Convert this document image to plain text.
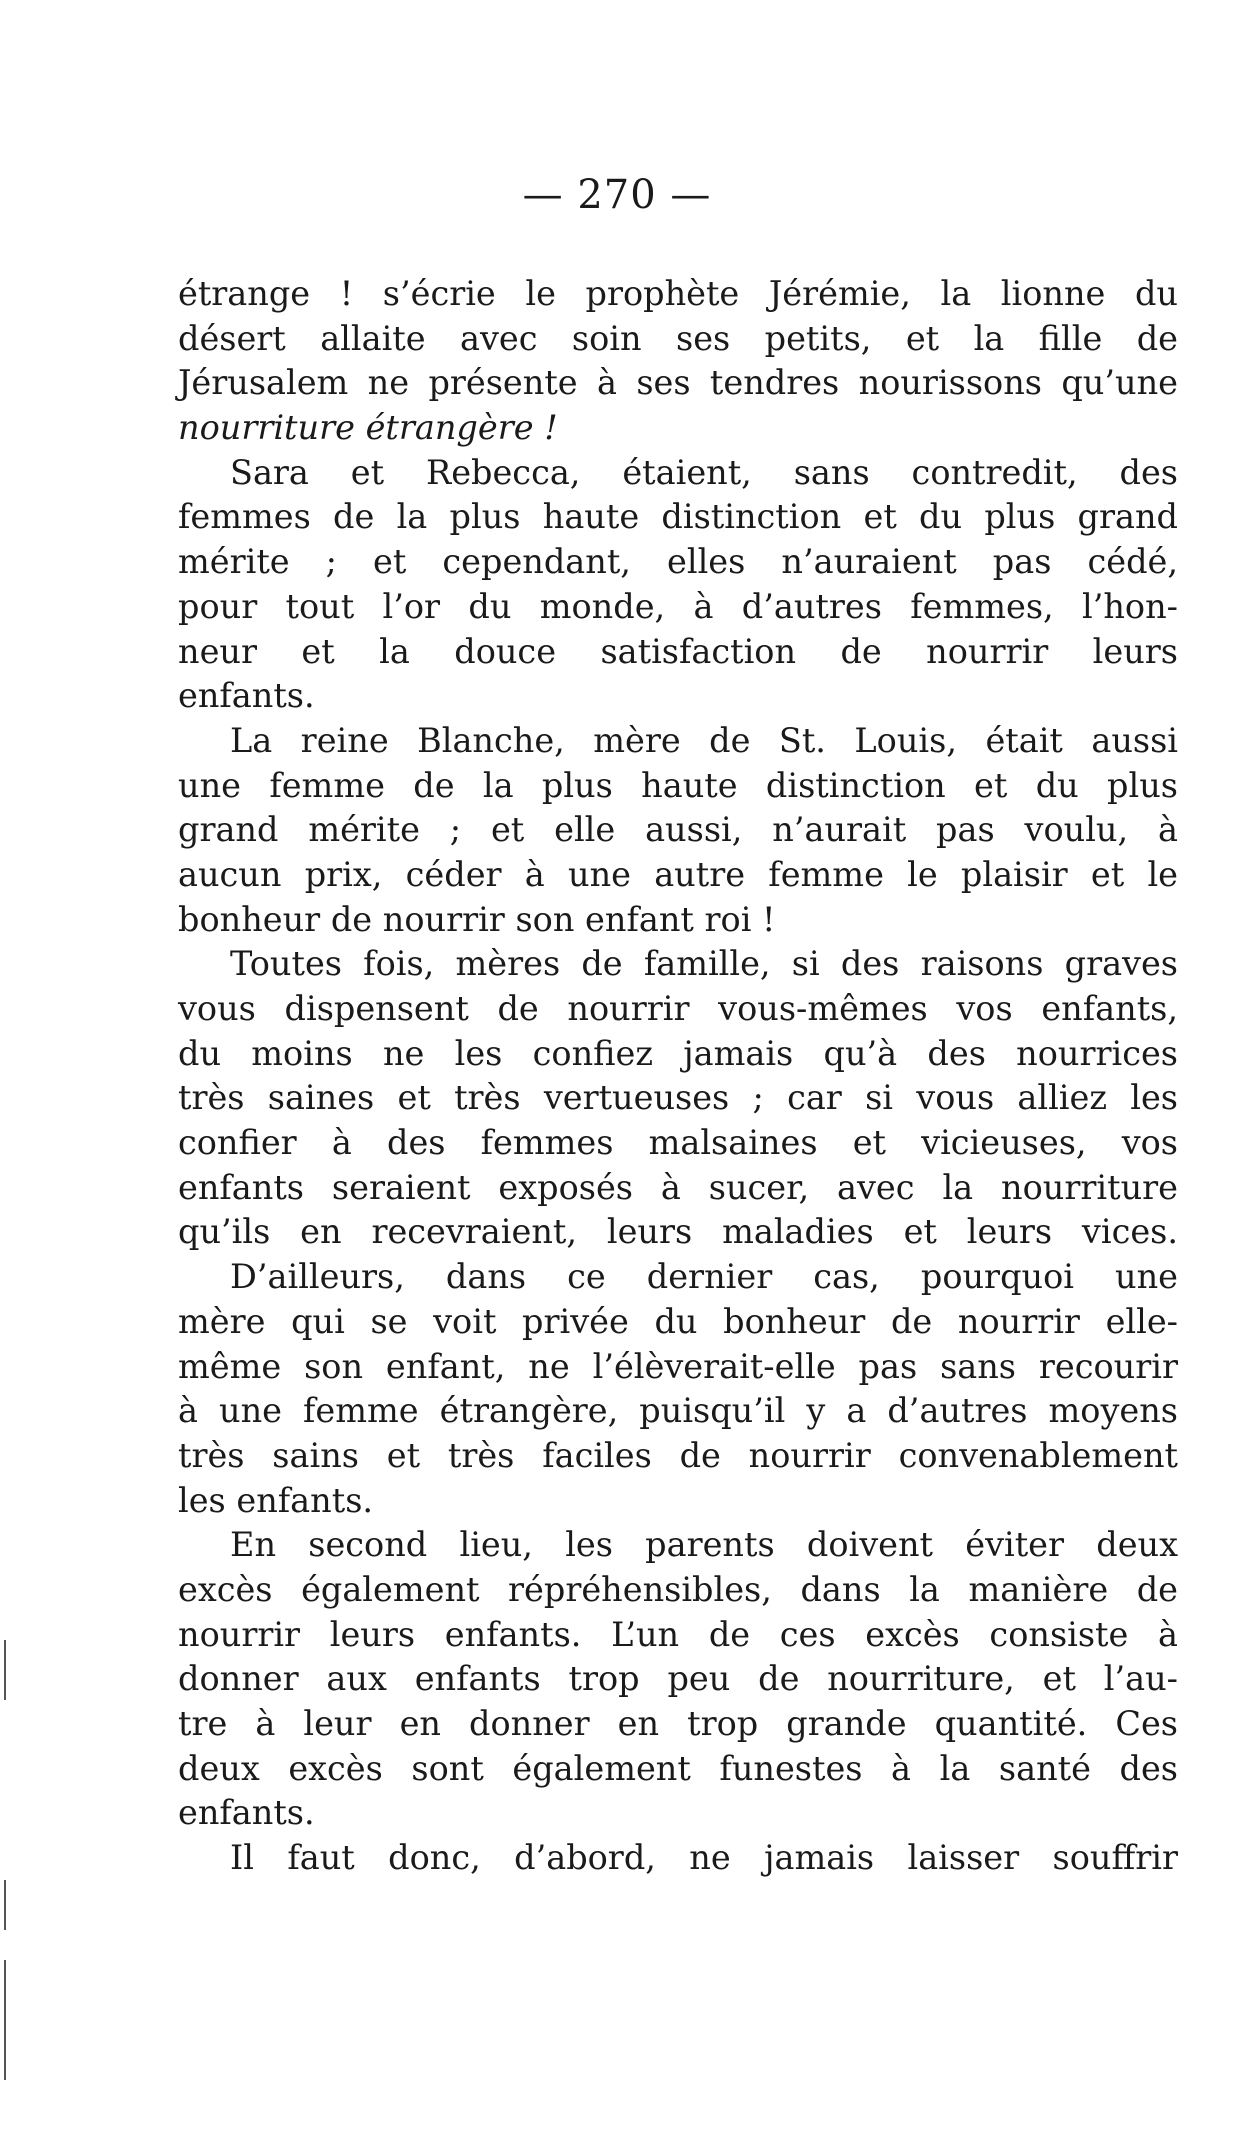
— 270 —
étrange ! s’écrie le prophète Jérémie, la lionne du
désert allaite avec soin ses petits, et la fille de
Jérusalem ne présente à ses tendres nourissons qu’une
nourriture étrangère !
Sara et Rebecca, étaient, sans contredit, des
femmes de la plus haute distinction et du plus grand
mérite ; et cependant, elles n’auraient pas cédé,
pour tout l’or du monde, à d’autres femmes, l’hon-
neur et la douce satisfaction de nourrir leurs
enfants.
La reine Blanche, mère de St. Louis, était aussi
une femme de la plus haute distinction et du plus
grand mérite ; et elle aussi, n’aurait pas voulu, à
aucun prix, céder à une autre femme le plaisir et le
bonheur de nourrir son enfant roi !
Toutes fois, mères de famille, si des raisons graves
vous dispensent de nourrir vous-mêmes vos enfants,
du moins ne les confiez jamais qu’à des nourrices
très saines et très vertueuses ; car si vous alliez les
confier à des femmes malsaines et vicieuses, vos
enfants seraient exposés à sucer, avec la nourriture
qu’ils en recevraient, leurs maladies et leurs vices.
D’ailleurs, dans ce dernier cas, pourquoi une
mère qui se voit privée du bonheur de nourrir elle-
même son enfant, ne l’élèverait-elle pas sans recourir
à une femme étrangère, puisqu’il y a d’autres moyens
très sains et très faciles de nourrir convenablement
les enfants.
En second lieu, les parents doivent éviter deux
excès également répréhensibles, dans la manière de
nourrir leurs enfants. L’un de ces excès consiste à
donner aux enfants trop peu de nourriture, et l’au-
tre à leur en donner en trop grande quantité. Ces
deux excès sont également funestes à la santé des
enfants.
Il faut donc, d’abord, ne jamais laisser souffrir
